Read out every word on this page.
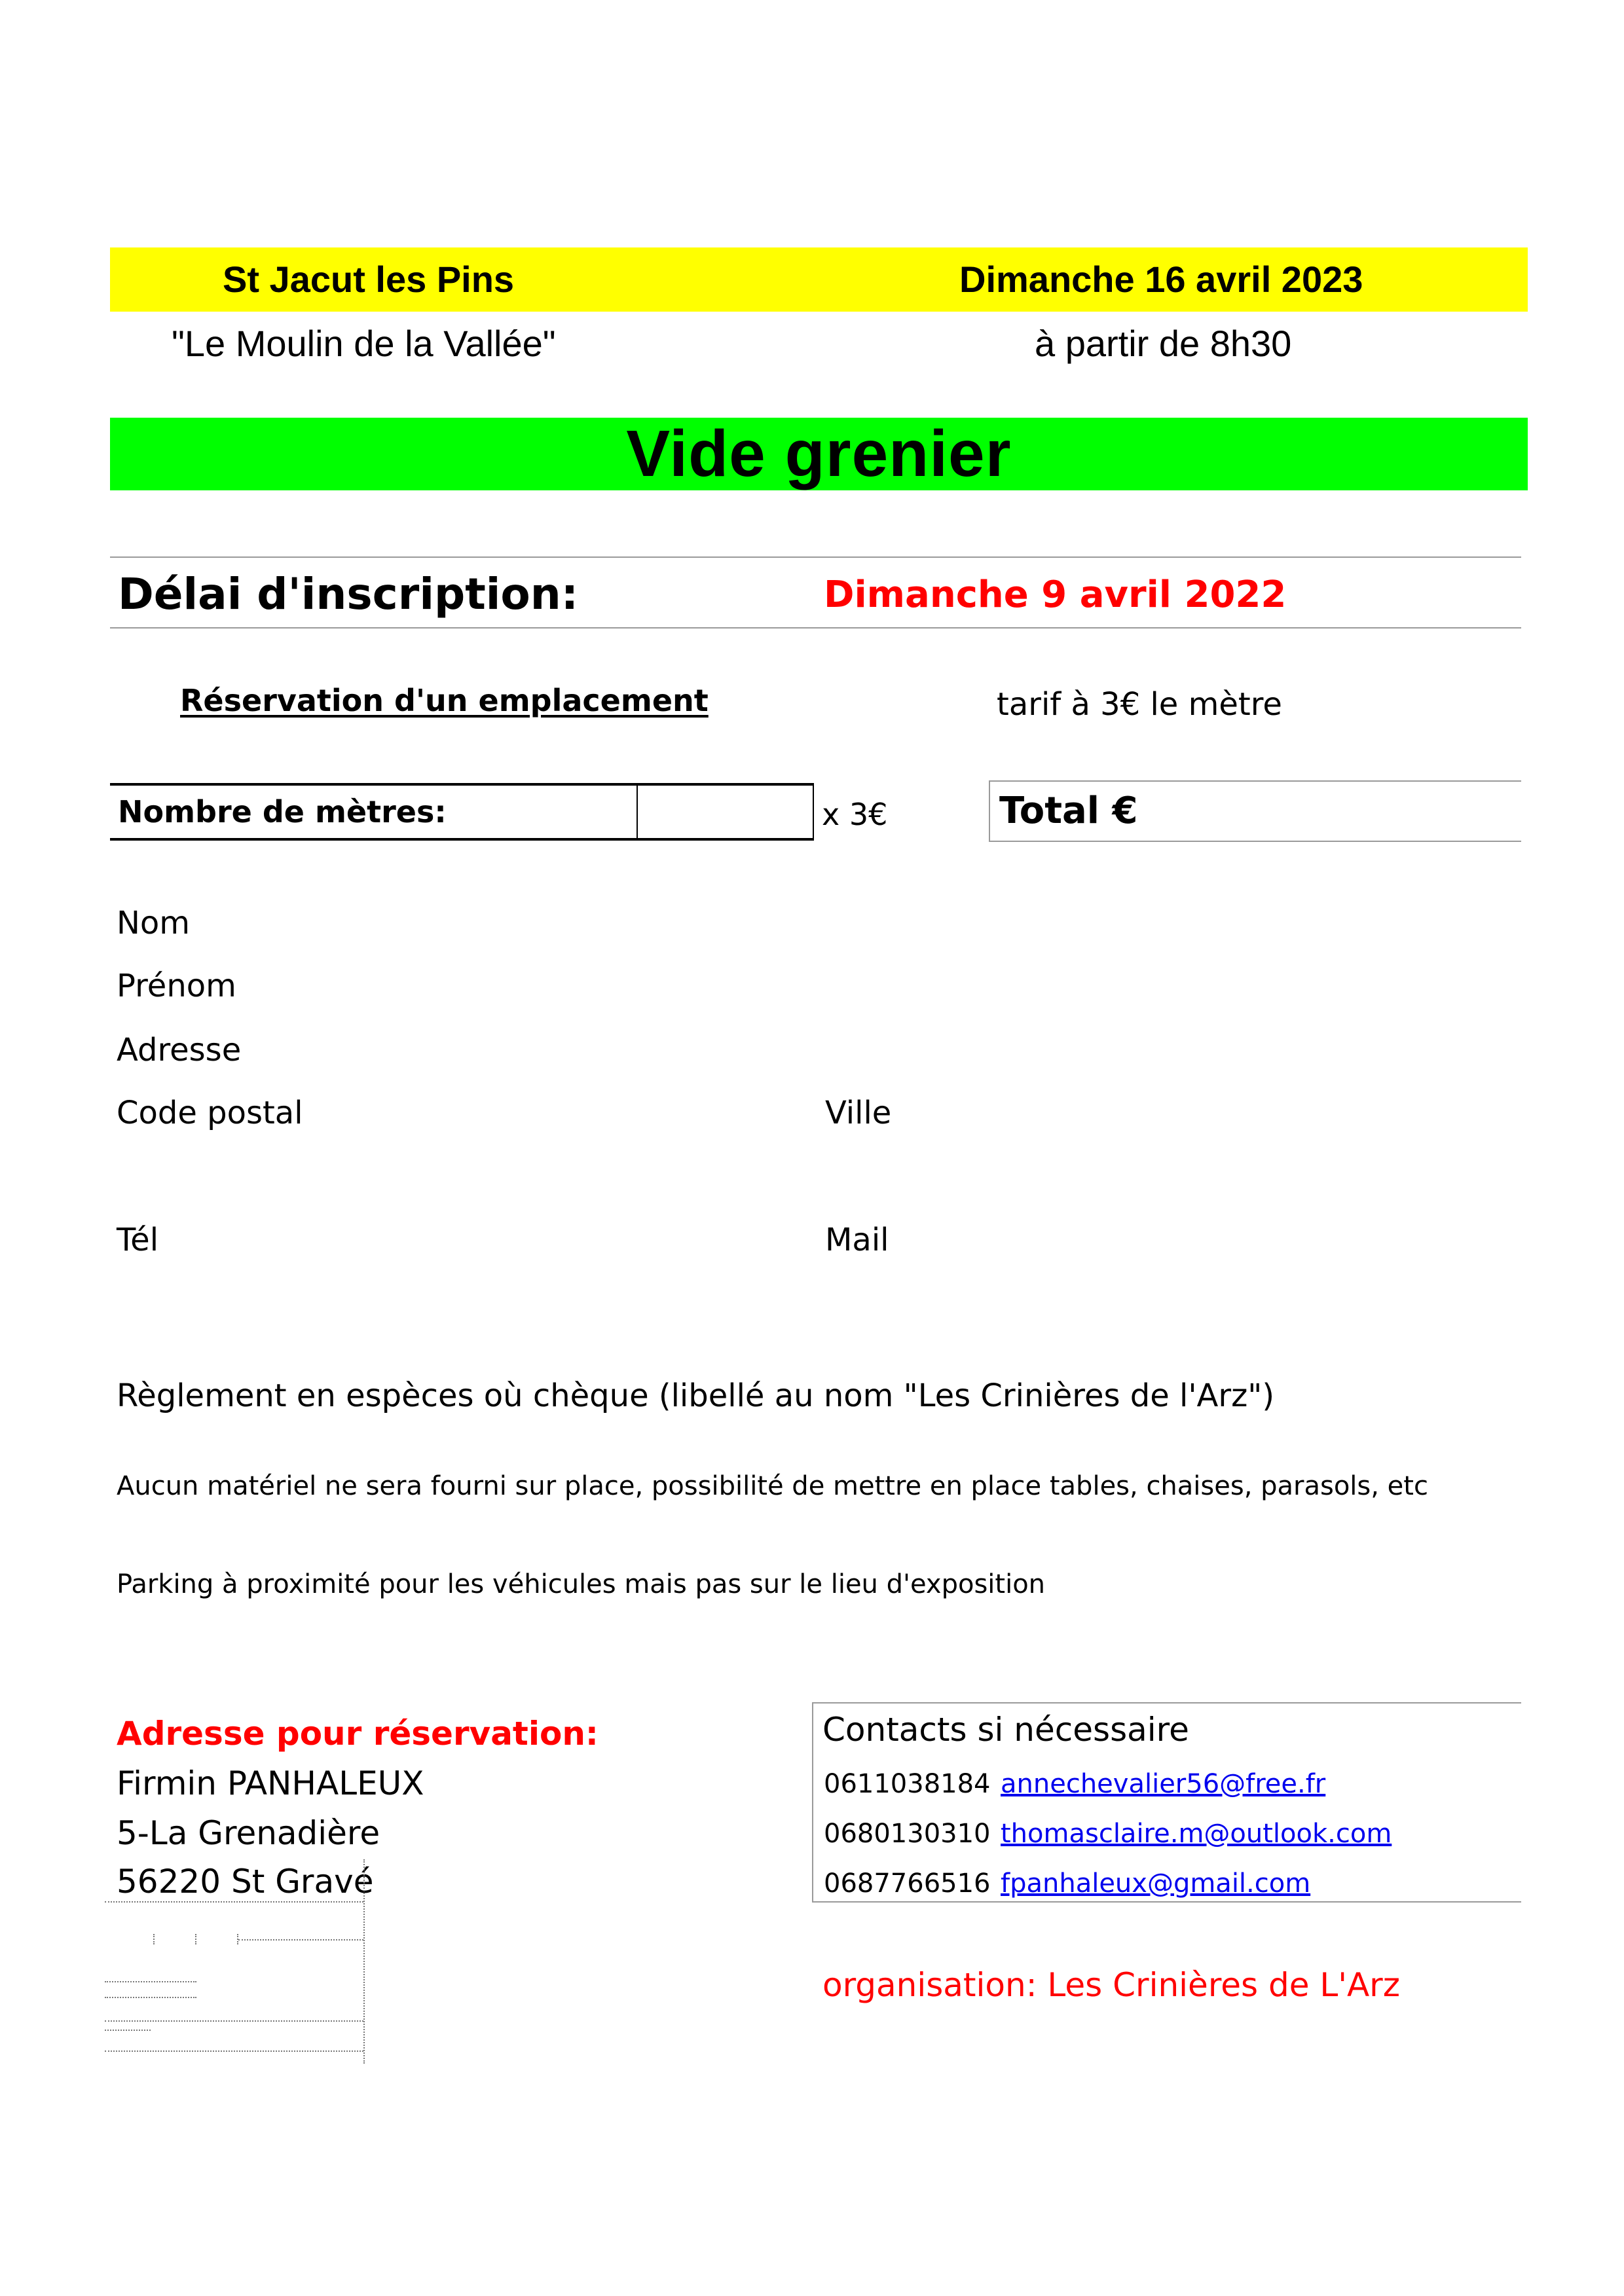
St Jacut les Pins	Dimanche 16 avril 2023
"Le Moulin de la Vallée"	à partir de 8h30
Vide grenier
Délai d'inscription:	Dimanche 9 avril 2022
Réservation d'un emplacement	tarif à 3€ le mètre
Nombre de mètres:	x 3€	Total €
Nom
Prénom
Adresse
Code postal	Ville
Tél	Mail
Règlement en espèces où chèque (libellé au nom "Les Crinières de l'Arz")
Aucun matériel ne sera fourni sur place, possibilité de mettre en place tables, chaises, parasols, etc
Parking à proximité pour les véhicules mais pas sur le lieu d'exposition
Adresse pour réservation:
Firmin PANHALEUX
5-La Grenadière
56220 St Gravé
Contacts si nécessaire
0611038184 annechevalier56@free.fr
0680130310 thomasclaire.m@outlook.com
0687766516 fpanhaleux@gmail.com
organisation: Les Crinières de L'Arz
